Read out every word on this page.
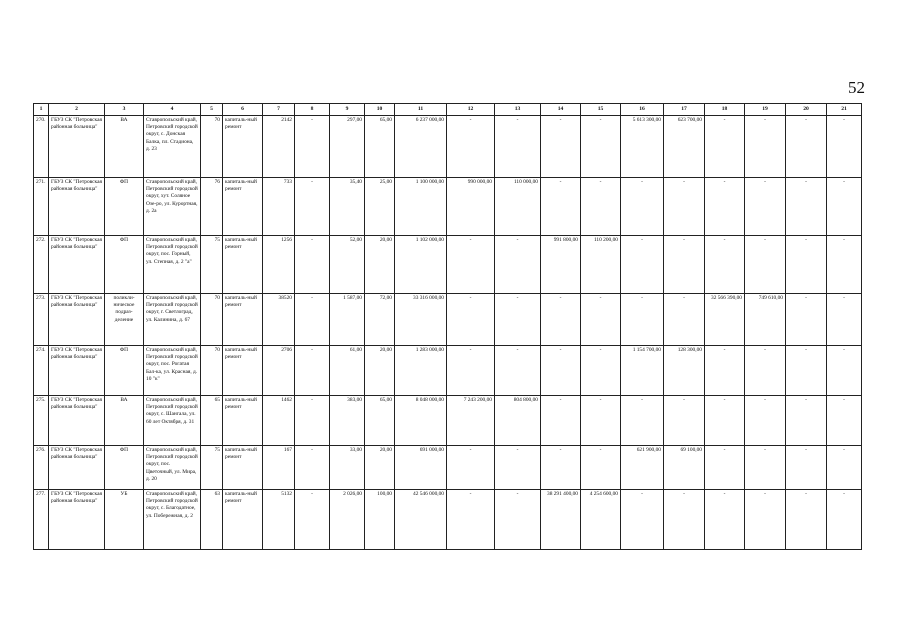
52
1	2	3	4	5	6	7	8	9	10	11	12	13	14	15	16	17	18	19	20	21
270.	ГБУЗ СК "Петровская районная больница"	ВА	Ставропольский край, Петровский городской округ, с. Донская Балка, пл. Стадиона, д. 23	70	капиталь-ный ремонт	2142	-	297,00	65,00	6 237 000,00	-	-	-	-	5 613 300,00	623 700,00	-	-	-	-
271.	ГБУЗ СК "Петровская районная больница"	ФП	Ставропольский край, Петровский городской округ, хут. Соляное Озе-ро, ул. Курортная, д. 2а	76	капиталь-ный ремонт	733	-	35,40	25,00	1 100 000,00	990 000,00	110 000,00	-	-	-	-	-	-	-	-
272.	ГБУЗ СК "Петровская районная больница"	ФП	Ставропольский край, Петровский городской округ, пос. Горный, ул. Степная, д. 2 "а"	75	капиталь-ный ремонт	1256	-	52,00	20,00	1 102 000,00	-	-	991 800,00	110 200,00	-	-	-	-	-	-
273.	ГБУЗ СК "Петровская районная больница"	поликли-ническое подраз-деление	Ставропольский край, Петровский городской округ, г. Светлоград, ул. Калинина, д. 67	70	капиталь-ный ремонт	38520	-	1 587,00	72,00	33 316 000,00	-	-	-	-	-	-	32 566 390,00	749 610,00	-	-
274.	ГБУЗ СК "Петровская районная больница"	ФП	Ставропольский край, Петровский городской округ, пос. Рогатая Бал-ка, ул. Красная, д. 10 "к"	70	капиталь-ный ремонт	2706	-	61,00	20,00	1 283 000,00	-	-	-	-	1 154 700,00	128 300,00	-	-	-	-
275.	ГБУЗ СК "Петровская районная больница"	ВА	Ставропольский край, Петровский городской округ, с. Шангала, ул. 60 лет Октября, д. 31	65	капиталь-ный ремонт	1462	-	383,00	65,00	8 048 000,00	7 243 200,00	804 800,00	-	-	-	-	-	-	-	-
276.	ГБУЗ СК "Петровская районная больница"	ФП	Ставропольский край, Петровский городской округ, пос. Цветочный, ул. Мира, д. 20	75	капиталь-ный ремонт	167	-	33,00	20,00	691 000,00	-	-	-	-	621 900,00	69 100,00	-	-	-	-
277.	ГБУЗ СК "Петровская районная больница"	УБ	Ставропольский край, Петровский городской округ, с. Благодатное, ул. Побережная, д. 2	63	капиталь-ный ремонт	5132	-	2 026,00	100,00	42 546 000,00	-	-	38 291 400,00	4 254 600,00	-	-	-	-	-	-
